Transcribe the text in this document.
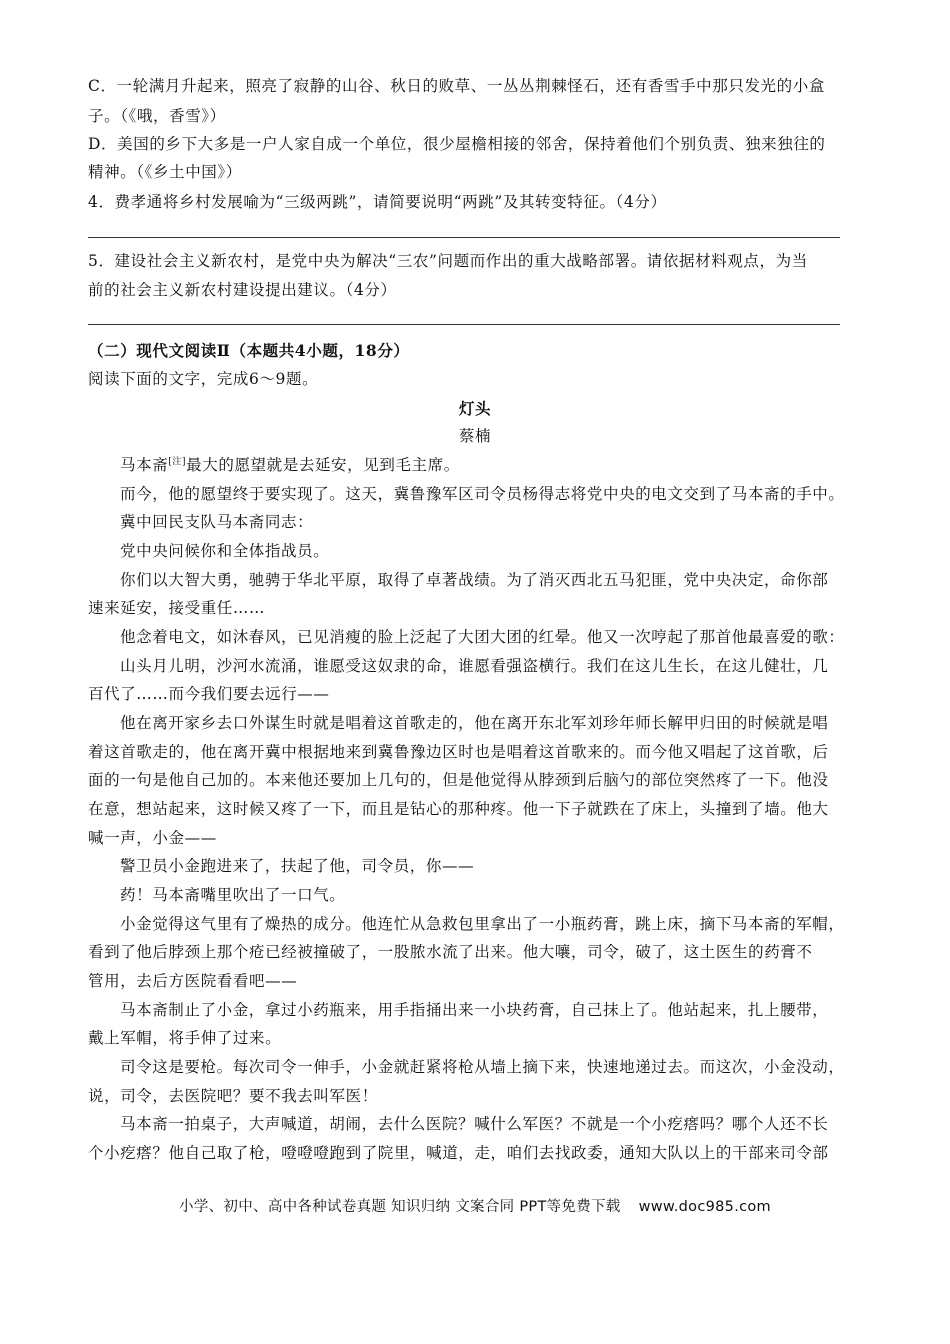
C．一轮满月升起来，照亮了寂静的山谷、秋日的败草、一丛丛荆棘怪石，还有香雪手中那只发光的小盒
子。（《哦，香雪》）
D．美国的乡下大多是一户人家自成一个单位，很少屋檐相接的邻舍，保持着他们个别负责、独来独往的
精神。（《乡土中国》）
4．费孝通将乡村发展喻为“三级两跳”，请简要说明“两跳”及其转变特征。（4分）
5．建设社会主义新农村，是党中央为解决“三农”问题而作出的重大战略部署。请依据材料观点，为当
前的社会主义新农村建设提出建议。（4分）
（二）现代文阅读Ⅱ（本题共4小题，18分）
阅读下面的文字，完成6～9题。
灯头
蔡楠
马本斋[注]最大的愿望就是去延安，见到毛主席。
而今，他的愿望终于要实现了。这天，冀鲁豫军区司令员杨得志将党中央的电文交到了马本斋的手中。
冀中回民支队马本斋同志：
党中央问候你和全体指战员。
你们以大智大勇，驰骋于华北平原，取得了卓著战绩。为了消灭西北五马犯匪，党中央决定，命你部
速来延安，接受重任……
他念着电文，如沐春风，已见消瘦的脸上泛起了大团大团的红晕。他又一次哼起了那首他最喜爱的歌：
山头月儿明，沙河水流涌，谁愿受这奴隶的命，谁愿看强盗横行。我们在这儿生长，在这儿健壮，几
百代了……而今我们要去远行——
他在离开家乡去口外谋生时就是唱着这首歌走的，他在离开东北军刘珍年师长解甲归田的时候就是唱
着这首歌走的，他在离开冀中根据地来到冀鲁豫边区时也是唱着这首歌来的。而今他又唱起了这首歌，后
面的一句是他自己加的。本来他还要加上几句的，但是他觉得从脖颈到后脑勺的部位突然疼了一下。他没
在意，想站起来，这时候又疼了一下，而且是钻心的那种疼。他一下子就跌在了床上，头撞到了墙。他大
喊一声，小金——
警卫员小金跑进来了，扶起了他，司令员，你——
药！马本斋嘴里吹出了一口气。
小金觉得这气里有了燥热的成分。他连忙从急救包里拿出了一小瓶药膏，跳上床，摘下马本斋的军帽，
看到了他后脖颈上那个疮已经被撞破了，一股脓水流了出来。他大嚷，司令，破了，这土医生的药膏不
管用，去后方医院看看吧——
马本斋制止了小金，拿过小药瓶来，用手指捅出来一小块药膏，自己抹上了。他站起来，扎上腰带，
戴上军帽，将手伸了过来。
司令这是要枪。每次司令一伸手，小金就赶紧将枪从墙上摘下来，快速地递过去。而这次，小金没动，
说，司令，去医院吧？要不我去叫军医！
马本斋一拍桌子，大声喊道，胡闹，去什么医院？喊什么军医？不就是一个小疙瘩吗？哪个人还不长
个小疙瘩？他自己取了枪，噔噔噔跑到了院里，喊道，走，咱们去找政委，通知大队以上的干部来司令部
小学、初中、高中各种试卷真题 知识归纳 文案合同 PPT等免费下载 www.doc985.com
